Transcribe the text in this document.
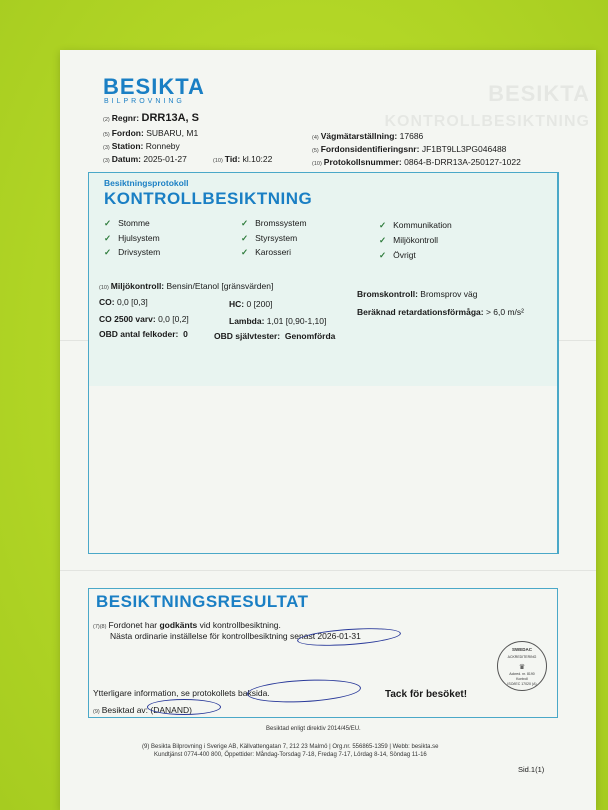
BESIKTA
KONTROLLBESIKTNING
BESIKTA
BILPROVNING
(2) Regnr: DRR13A, S
(5) Fordon: SUBARU, M1
(3) Station: Ronneby
(3) Datum: 2025-01-27	(10) Tid: kl.10:22
(4) Vägmätarställning: 17686
(5) Fordonsidentifieringsnr: JF1BT9LL3PG046488
(10) Protokollsnummer: 0864-B-DRR13A-250127-1022
Besiktningsprotokoll
KONTROLLBESIKTNING
✓ Stomme
✓ Hjulsystem
✓ Drivsystem
✓ Bromssystem
✓ Styrsystem
✓ Karosseri
✓ Kommunikation
✓ Miljökontroll
✓ Övrigt
(10) Miljökontroll: Bensin/Etanol [gränsvärden]
CO: 0,0 [0,3]	HC: 0 [200]
CO 2500 varv: 0,0 [0,2]	Lambda: 1,01 [0,90-1,10]
OBD antal felkoder: 0	OBD självtester: Genomförda
Bromskontroll: Bromsprov väg
Beräknad retardationsförmåga: > 6,0 m/s²
BESIKTNINGSRESULTAT
(7)(8) Fordonet har godkänts vid kontrollbesiktning.
Nästa ordinarie inställelse för kontrollbesiktning senast 2026-01-31
SWEDAC
ACKREDITERING
♛
Ackred. nr. 8190
Kontroll
ISO/IEC 17020 (A)
Ytterligare information, se protokollets baksida.	Tack för besöket!
(9) Besiktad av: (DANAND)
Besiktad enligt direktiv 2014/45/EU.
(9) Besikta Bilprovning i Sverige AB, Källvattengatan 7, 212 23 Malmö | Org.nr. 556865-1359 | Webb: besikta.se
Kundtjänst 0774-400 800, Öppettider: Måndag-Torsdag 7-18, Fredag 7-17, Lördag 8-14, Söndag 11-16
Sid.1(1)
